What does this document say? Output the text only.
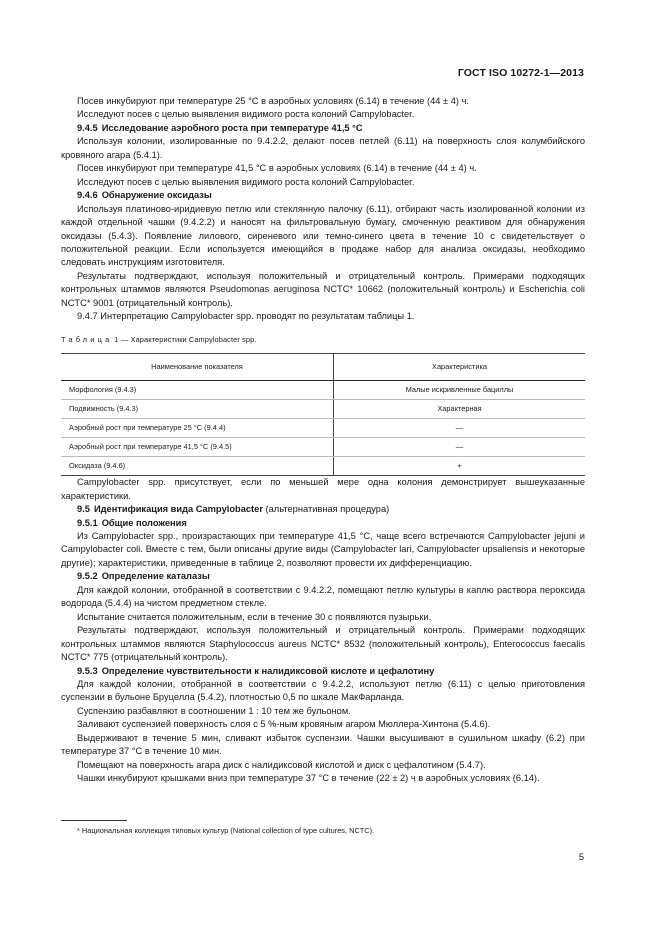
ГОСТ ISO 10272-1—2013

Посев инкубируют при температуре 25 °С в аэробных условиях (6.14) в течение (44 ± 4) ч.

Исследуют посев с целью выявления видимого роста колоний Campylobacter.

9.4.5 Исследование аэробного роста при температуре 41,5 °С

Используя колонии, изолированные по 9.4.2.2, делают посев петлей (6.11) на поверхность слоя колумбийского кровяного агара (5.4.1).

Посев инкубируют при температуре 41,5 °С в аэробных условиях (6.14) в течение (44 ± 4) ч.

Исследуют посев с целью выявления видимого роста колоний Campylobacter.

9.4.6 Обнаружение оксидазы

Используя платиново-иридиевую петлю или стеклянную палочку (6.11), отбирают часть изолированной колонии из каждой отдельной чашки (9.4.2.2) и наносят на фильтровальную бумагу, смоченную реактивом для обнаружения оксидазы (5.4.3). Появление лилового, сиреневого или темно-синего цвета в течение 10 с свидетельствует о положительной реакции. Если используется имеющийся в продаже набор для анализа оксидазы, необходимо следовать инструкциям изготовителя.

Результаты подтверждают, используя положительный и отрицательный контроль. Примерами подходящих контрольных штаммов являются Pseudomonas aeruginosa NCTC* 10662 (положительный контроль) и Escherichia coli NCTC* 9001 (отрицательный контроль).

9.4.7 Интерпретацию Campylobacter spp. проводят по результатам таблицы 1.

Таблица 1 — Характеристики Campylobacter spp.
Наименование показателя	Характеристика
Морфология (9.4.3)	Малые искривленные бациллы
Подвижность (9.4.3)	Характерная
Аэробный рост при температуре 25 °С (9.4.4)	—
Аэробный рост при температуре 41,5 °С (9.4.5)	—
Оксидаза (9.4.6)	+

Campylobacter spp. присутствует, если по меньшей мере одна колония демонстрирует вышеуказанные характеристики.

9.5 Идентификация вида Campylobacter (альтернативная процедура)

9.5.1 Общие положения

Из Campylobacter spp., произрастающих при температуре 41,5 °С, чаще всего встречаются Campylobacter jejuni и Campylobacter coli. Вместе с тем, были описаны другие виды (Campylobacter lari, Campylobacter upsaliensis и некоторые другие); характеристики, приведенные в таблице 2, позволяют провести их дифференциацию.

9.5.2 Определение каталазы

Для каждой колонии, отобранной в соответствии с 9.4.2.2, помещают петлю культуры в каплю раствора пероксида водорода (5.4.4) на чистом предметном стекле.

Испытание считается положительным, если в течение 30 с появляются пузырьки.

Результаты подтверждают, используя положительный и отрицательный контроль. Примерами подходящих контрольных штаммов являются Staphylococcus aureus NCTC* 8532 (положительный контроль), Enterococcus faecalis NCTC* 775 (отрицательный контроль).

9.5.3 Определение чувствительности к налидиксовой кислоте и цефалотину

Для каждой колонии, отобранной в соответствии с 9.4.2.2, используют петлю (6.11) с целью приготовления суспензии в бульоне Бруцелла (5.4.2), плотностью 0,5 по шкале МакФарланда.

Суспензию разбавляют в соотношении 1 : 10 тем же бульоном.

Заливают суспензией поверхность слоя с 5 %-ным кровяным агаром Мюллера-Хинтона (5.4.6).

Выдерживают в течение 5 мин, сливают избыток суспензии. Чашки высушивают в сушильном шкафу (6.2) при температуре 37 °С в течение 10 мин.

Помещают на поверхность агара диск с налидиксовой кислотой и диск с цефалотином (5.4.7).

Чашки инкубируют крышками вниз при температуре 37 °С в течение (22 ± 2) ч в аэробных условиях (6.14).

* Национальная коллекция типовых культур (National collection of type cultures, NCTC).
5
